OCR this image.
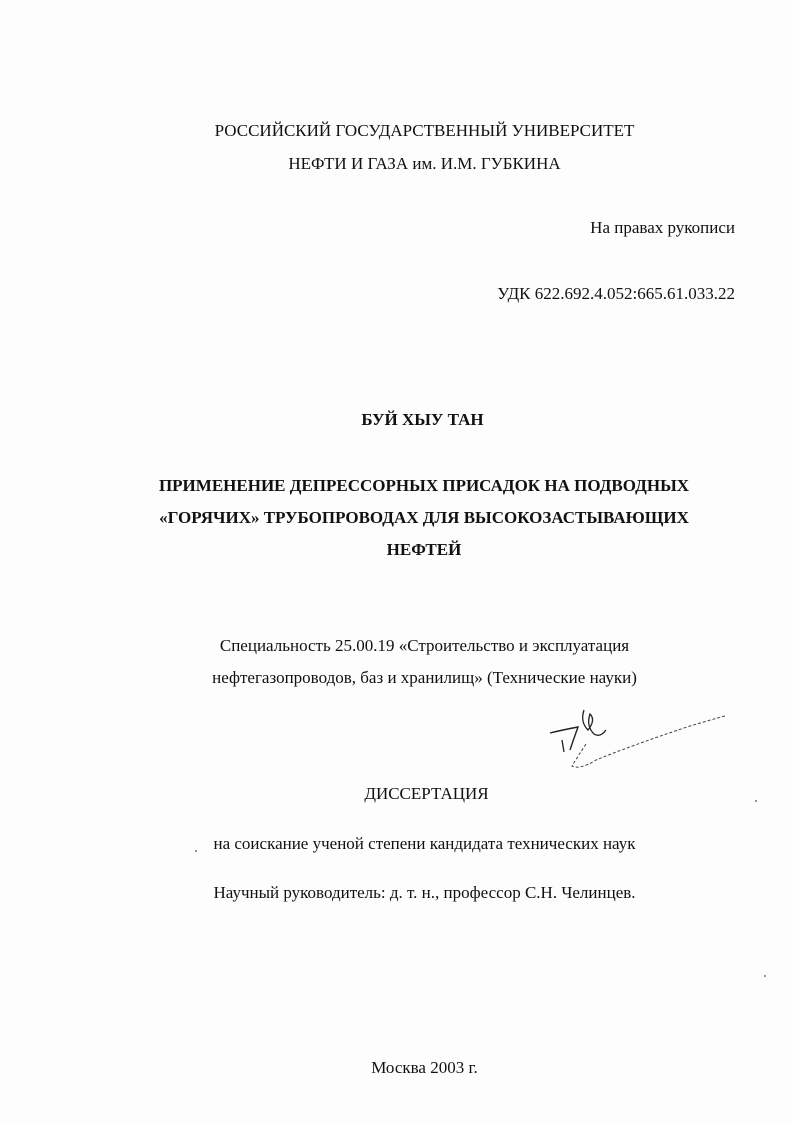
РОССИЙСКИЙ ГОСУДАРСТВЕННЫЙ УНИВЕРСИТЕТ
НЕФТИ И ГАЗА им. И.М. ГУБКИНА
На правах рукописи
УДК 622.692.4.052:665.61.033.22
БУЙ ХЫУ ТАН
ПРИМЕНЕНИЕ ДЕПРЕССОРНЫХ ПРИСАДОК НА ПОДВОДНЫХ
«ГОРЯЧИХ» ТРУБОПРОВОДАХ ДЛЯ ВЫСОКОЗАСТЫВАЮЩИХ
НЕФТЕЙ
Специальность 25.00.19 «Строительство и эксплуатация
нефтегазопроводов, баз и хранилищ» (Технические науки)
ДИССЕРТАЦИЯ
на соискание ученой степени кандидата технических наук
Научный руководитель: д. т. н., профессор С.Н. Челинцев.
Москва 2003 г.
